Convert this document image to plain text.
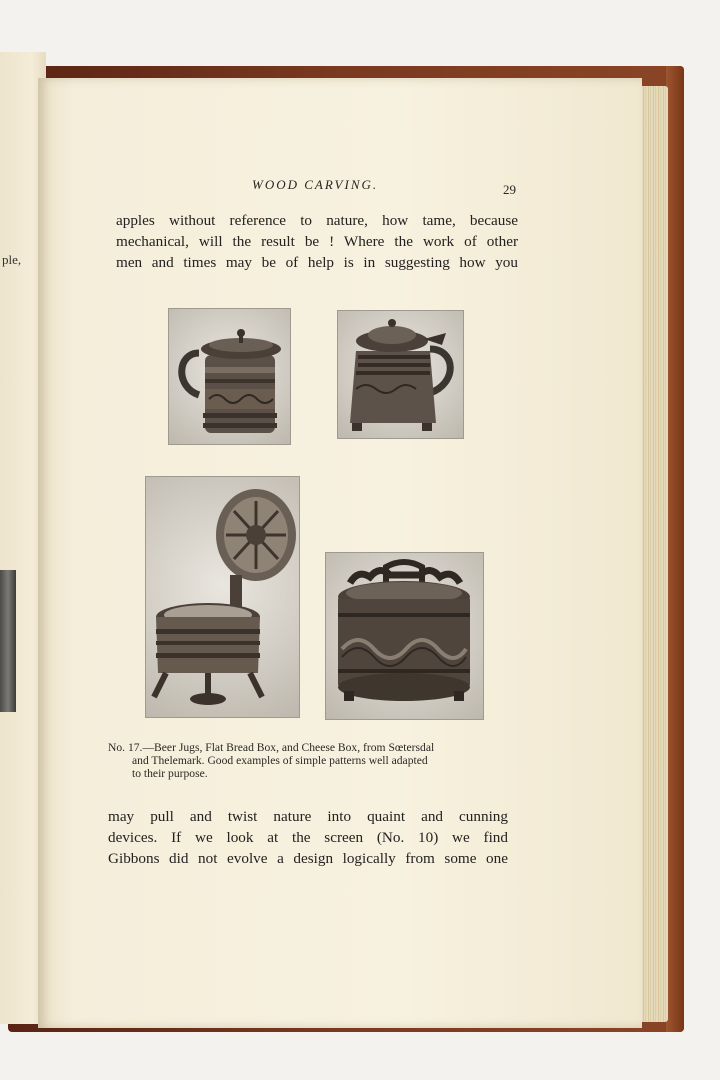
ple,
WOOD CARVING.	29
apples without reference to nature, how tame, because
mechanical, will the result be ! Where the work of other
men and times may be of help is in suggesting how you
No. 17.—Beer Jugs, Flat Bread Box, and Cheese Box, from Sœtersdal
and Thelemark. Good examples of simple patterns well adapted
to their purpose.
may pull and twist nature into quaint and cunning
devices. If we look at the screen (No. 10) we find
Gibbons did not evolve a design logically from some one
